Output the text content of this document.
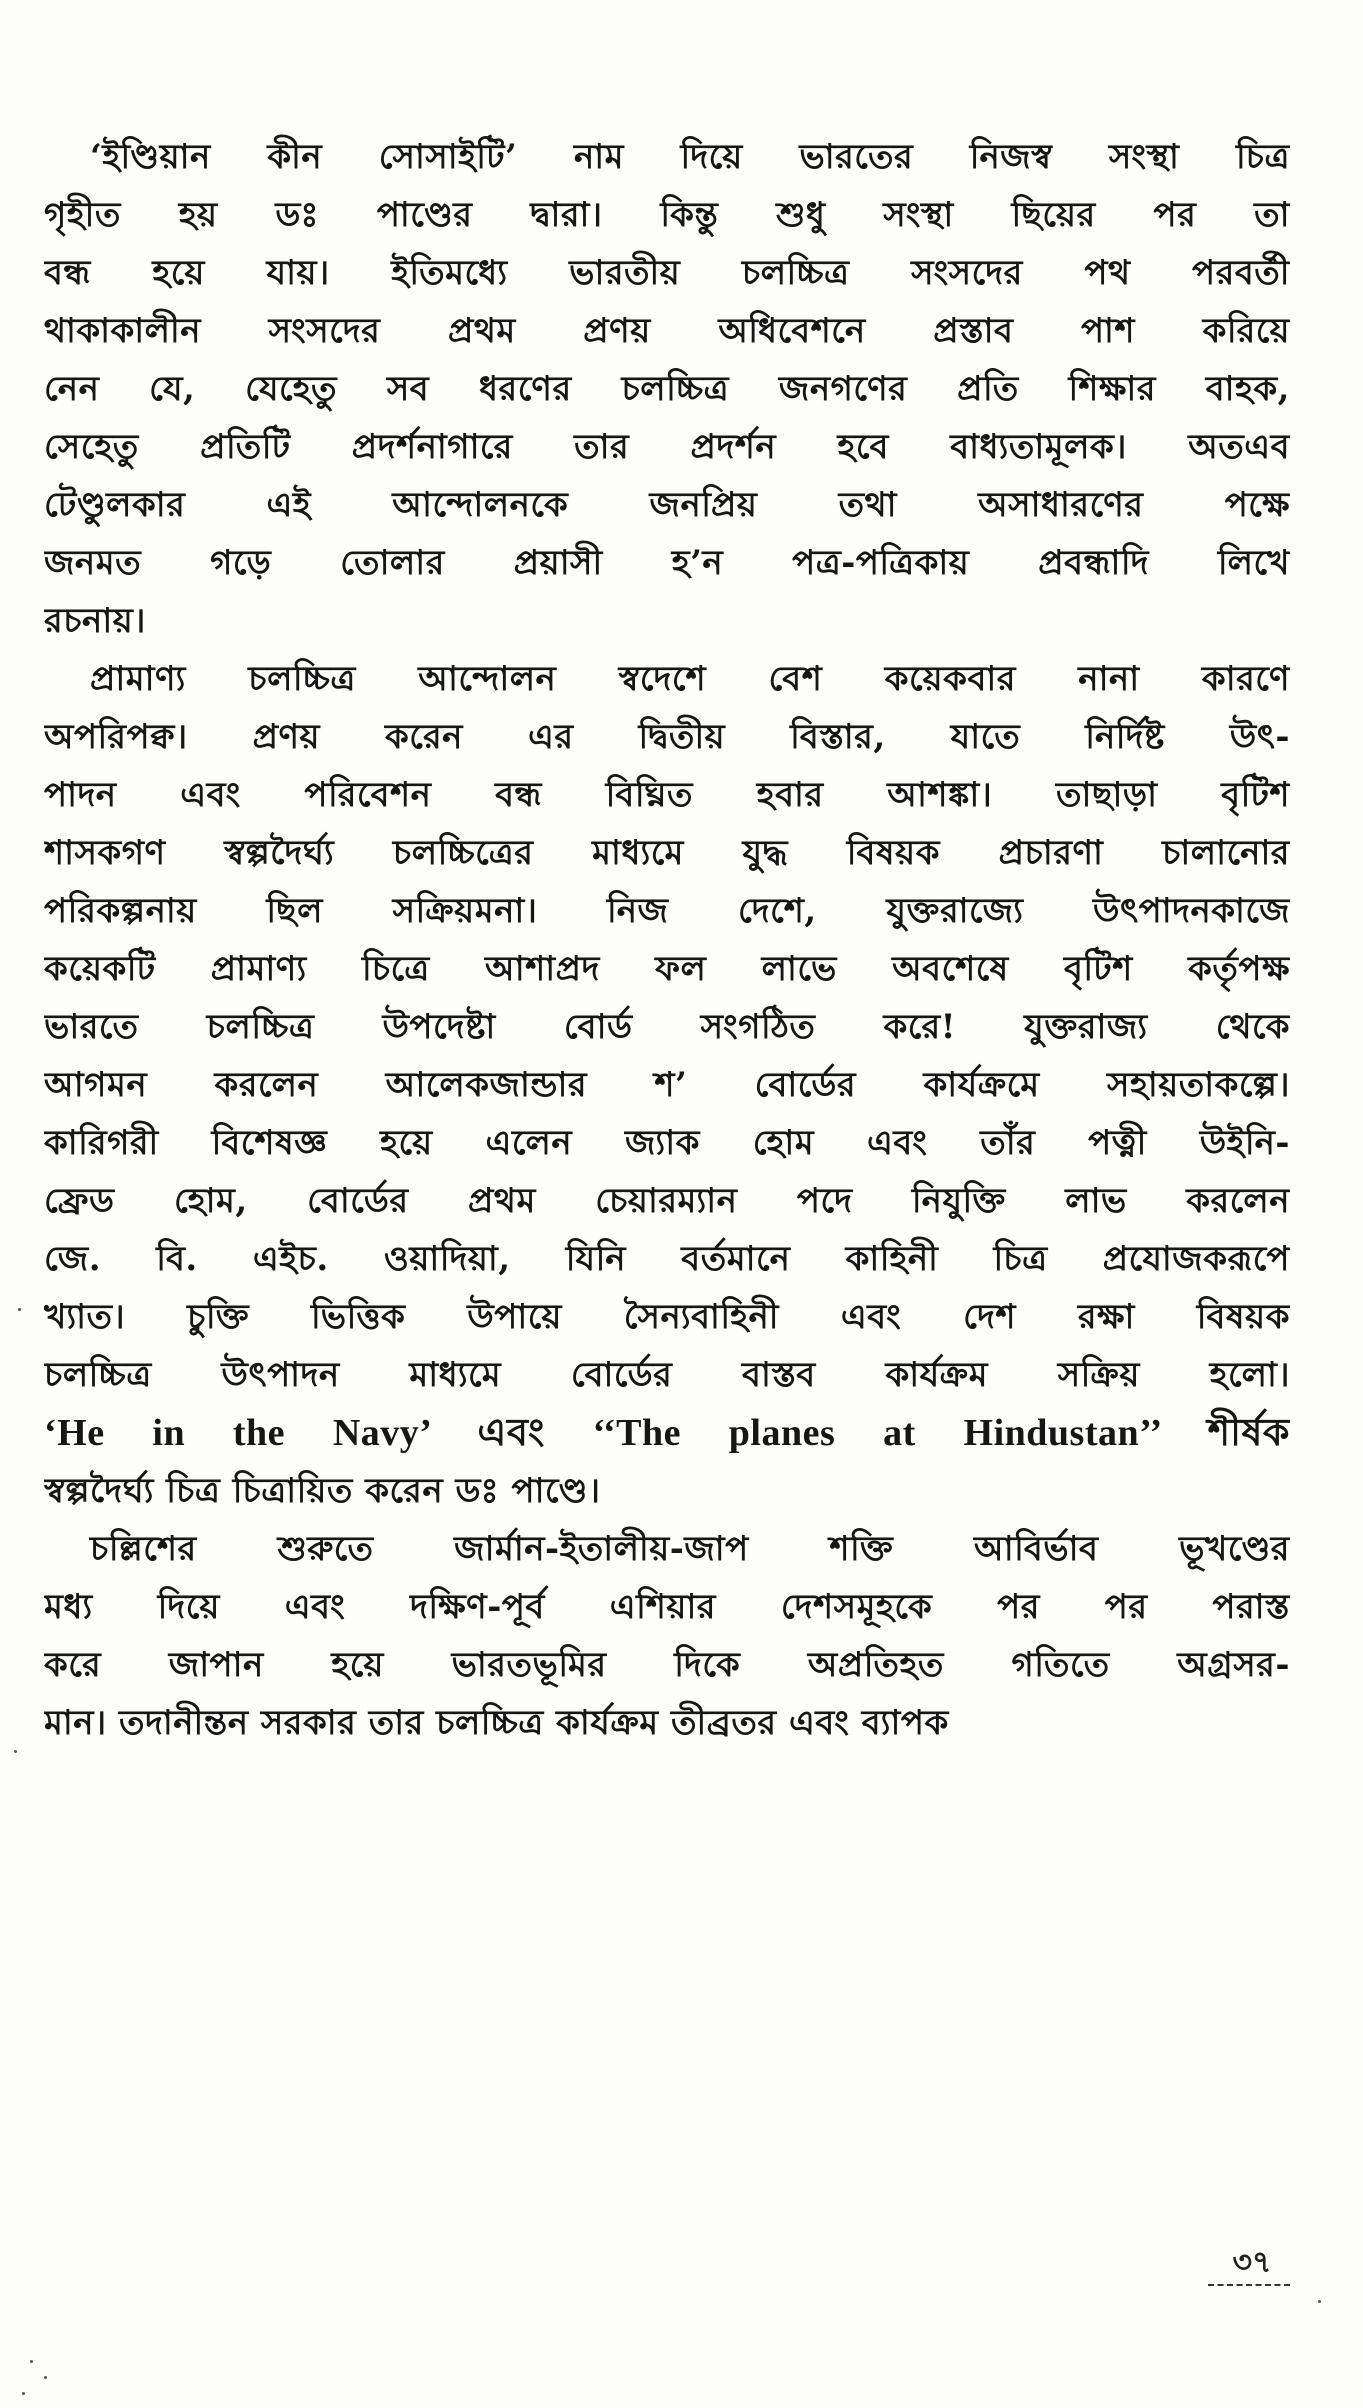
‘ইণ্ডিয়ান কীন সোসাইটি’ নাম দিয়ে ভারতের নিজস্ব সংস্থা চিত্র
গৃহীত হয় ডঃ পাণ্ডের দ্বারা। কিন্তু শুধু সংস্থা ছিয়ের পর তা
বন্ধ হয়ে যায়। ইতিমধ্যে ভারতীয় চলচ্চিত্র সংসদের পথ পরবর্তী
থাকাকালীন সংসদের প্রথম প্রণয় অধিবেশনে প্রস্তাব পাশ করিয়ে
নেন যে, যেহেতু সব ধরণের চলচ্চিত্র জনগণের প্রতি শিক্ষার বাহক,
সেহেতু প্রতিটি প্রদর্শনাগারে তার প্রদর্শন হবে বাধ্যতামূলক। অতএব
টেণ্ডুলকার এই আন্দোলনকে জনপ্রিয় তথা অসাধারণের পক্ষে
জনমত গড়ে তোলার প্রয়াসী হ’ন পত্র-পত্রিকায় প্রবন্ধাদি লিখে
রচনায়।
প্রামাণ্য চলচ্চিত্র আন্দোলন স্বদেশে বেশ কয়েকবার নানা কারণে
অপরিপক্ব। প্রণয় করেন এর দ্বিতীয় বিস্তার, যাতে নির্দিষ্ট উৎ-
পাদন এবং পরিবেশন বন্ধ বিঘ্নিত হবার আশঙ্কা। তাছাড়া বৃটিশ
শাসকগণ স্বল্পদৈর্ঘ্য চলচ্চিত্রের মাধ্যমে যুদ্ধ বিষয়ক প্রচারণা চালানোর
পরিকল্পনায় ছিল সক্রিয়মনা। নিজ দেশে, যুক্তরাজ্যে উৎপাদনকাজে
কয়েকটি প্রামাণ্য চিত্রে আশাপ্রদ ফল লাভে অবশেষে বৃটিশ কর্তৃপক্ষ
ভারতে চলচ্চিত্র উপদেষ্টা বোর্ড সংগঠিত করে! যুক্তরাজ্য থেকে
আগমন করলেন আলেকজান্ডার শ’ বোর্ডের কার্যক্রমে সহায়তাকল্পে।
কারিগরী বিশেষজ্ঞ হয়ে এলেন জ্যাক হোম এবং তাঁর পত্নী উইনি-
ফ্রেড হোম, বোর্ডের প্রথম চেয়ারম্যান পদে নিযুক্তি লাভ করলেন
জে. বি. এইচ. ওয়াদিয়া, যিনি বর্তমানে কাহিনী চিত্র প্রযোজকরূপে
খ্যাত। চুক্তি ভিত্তিক উপায়ে সৈন্যবাহিনী এবং দেশ রক্ষা বিষয়ক
চলচ্চিত্র উৎপাদন মাধ্যমে বোর্ডের বাস্তব কার্যক্রম সক্রিয় হলো।
‘He in the Navy’ এবং ‘‘The planes at Hindustan’’ শীর্ষক
স্বল্পদৈর্ঘ্য চিত্র চিত্রায়িত করেন ডঃ পাণ্ডে।
চল্লিশের শুরুতে জার্মান-ইতালীয়-জাপ শক্তি আবির্ভাব ভূখণ্ডের
মধ্য দিয়ে এবং দক্ষিণ-পূর্ব এশিয়ার দেশসমূহকে পর পর পরাস্ত
করে জাপান হয়ে ভারতভূমির দিকে অপ্রতিহত গতিতে অগ্রসর-
মান। তদানীন্তন সরকার তার চলচ্চিত্র কার্যক্রম তীব্রতর এবং ব্যাপক
৩৭
